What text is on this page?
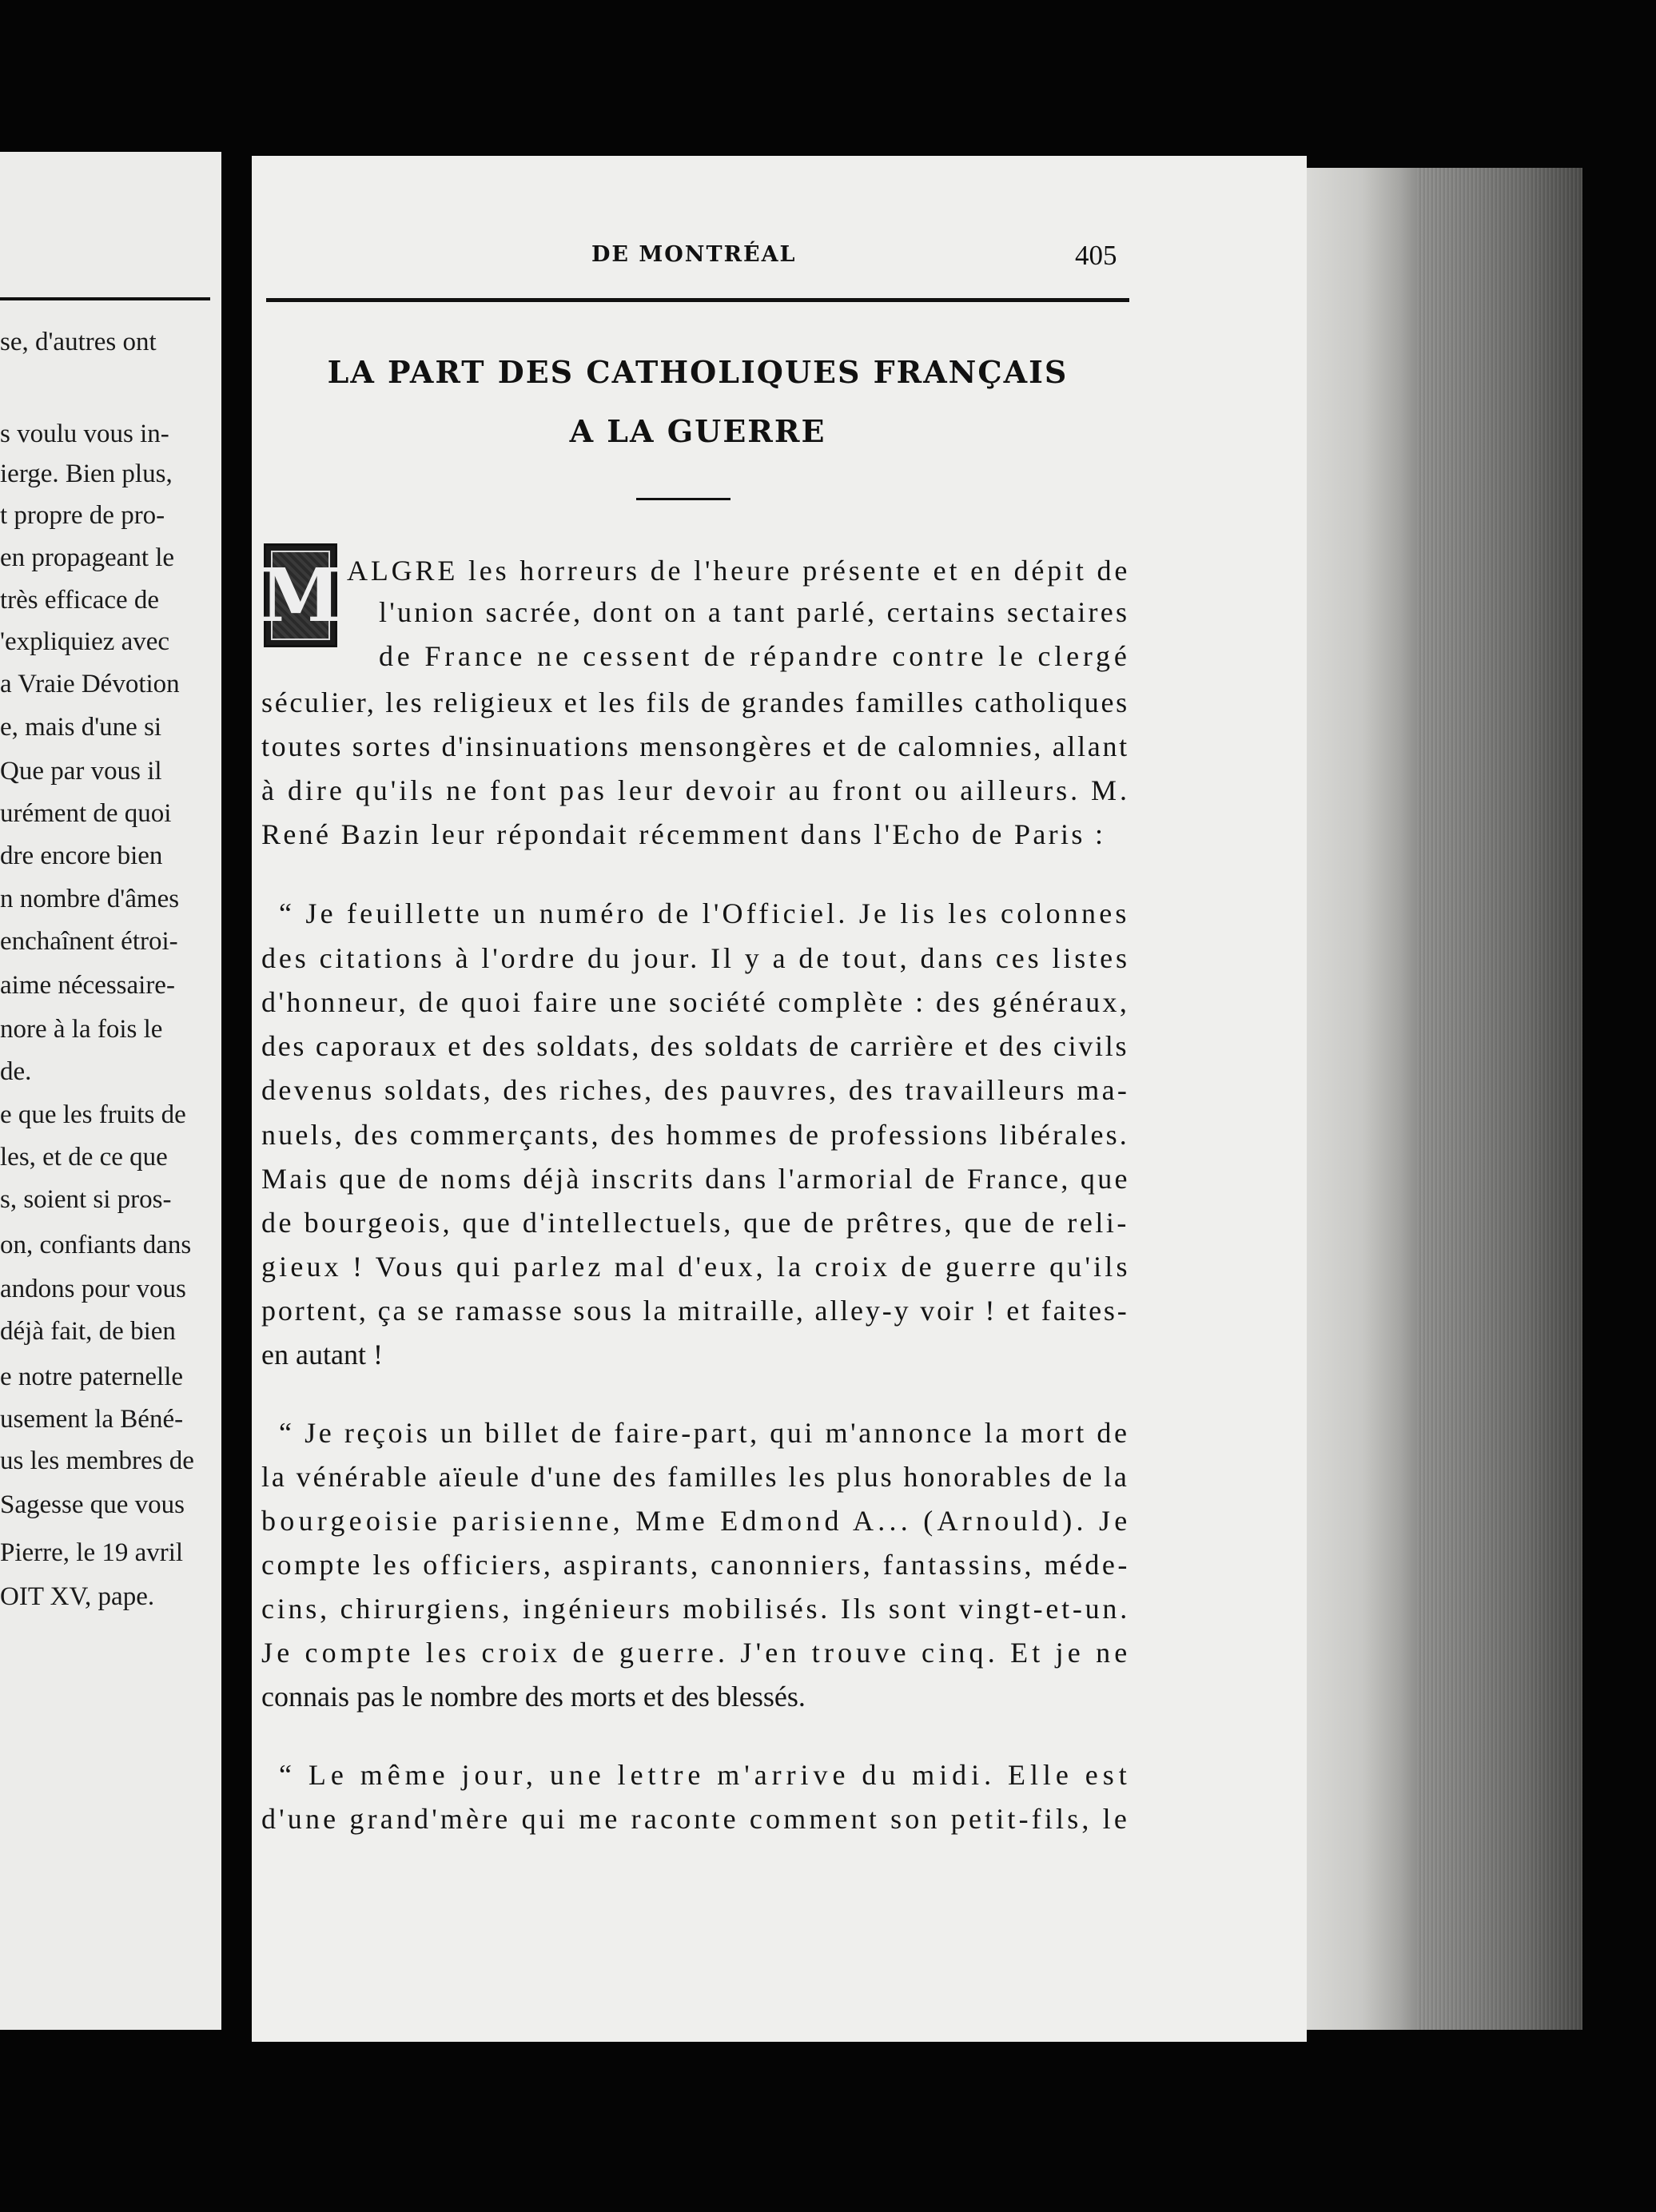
se, d'autres ont
s voulu vous in-
ierge. Bien plus,
t propre de pro-
en propageant le
très efficace de
'expliquiez avec
a Vraie Dévotion
e, mais d'une si
Que par vous il
urément de quoi
dre encore bien
n nombre d'âmes
enchaînent étroi-
aime nécessaire-
nore à la fois le
de.
e que les fruits de
les, et de ce que
s, soient si pros-
on, confiants dans
andons pour vous
déjà fait, de bien
e notre paternelle
usement la Béné-
us les membres de
Sagesse que vous
Pierre, le 19 avril
OIT XV, pape.
DE MONTRÉAL	405
LA PART DES CATHOLIQUES FRANÇAIS
A LA GUERRE
M ALGRE les horreurs de l'heure présente et en dépit de
l'union sacrée, dont on a tant parlé, certains sectaires
de France ne cessent de répandre contre le clergé
séculier, les religieux et les fils de grandes familles catholiques
toutes sortes d'insinuations mensongères et de calomnies, allant
à dire qu'ils ne font pas leur devoir au front ou ailleurs. M.
René Bazin leur répondait récemment dans l'Echo de Paris :
“ Je feuillette un numéro de l'Officiel. Je lis les colonnes
des citations à l'ordre du jour. Il y a de tout, dans ces listes
d'honneur, de quoi faire une société complète : des généraux,
des caporaux et des soldats, des soldats de carrière et des civils
devenus soldats, des riches, des pauvres, des travailleurs ma-
nuels, des commerçants, des hommes de professions libérales.
Mais que de noms déjà inscrits dans l'armorial de France, que
de bourgeois, que d'intellectuels, que de prêtres, que de reli-
gieux ! Vous qui parlez mal d'eux, la croix de guerre qu'ils
portent, ça se ramasse sous la mitraille, alley-y voir ! et faites-
en autant !
“ Je reçois un billet de faire-part, qui m'annonce la mort de
la vénérable aïeule d'une des familles les plus honorables de la
bourgeoisie parisienne, Mme Edmond A... (Arnould). Je
compte les officiers, aspirants, canonniers, fantassins, méde-
cins, chirurgiens, ingénieurs mobilisés. Ils sont vingt-et-un.
Je compte les croix de guerre. J'en trouve cinq. Et je ne
connais pas le nombre des morts et des blessés.
“ Le même jour, une lettre m'arrive du midi. Elle est
d'une grand'mère qui me raconte comment son petit-fils, le
